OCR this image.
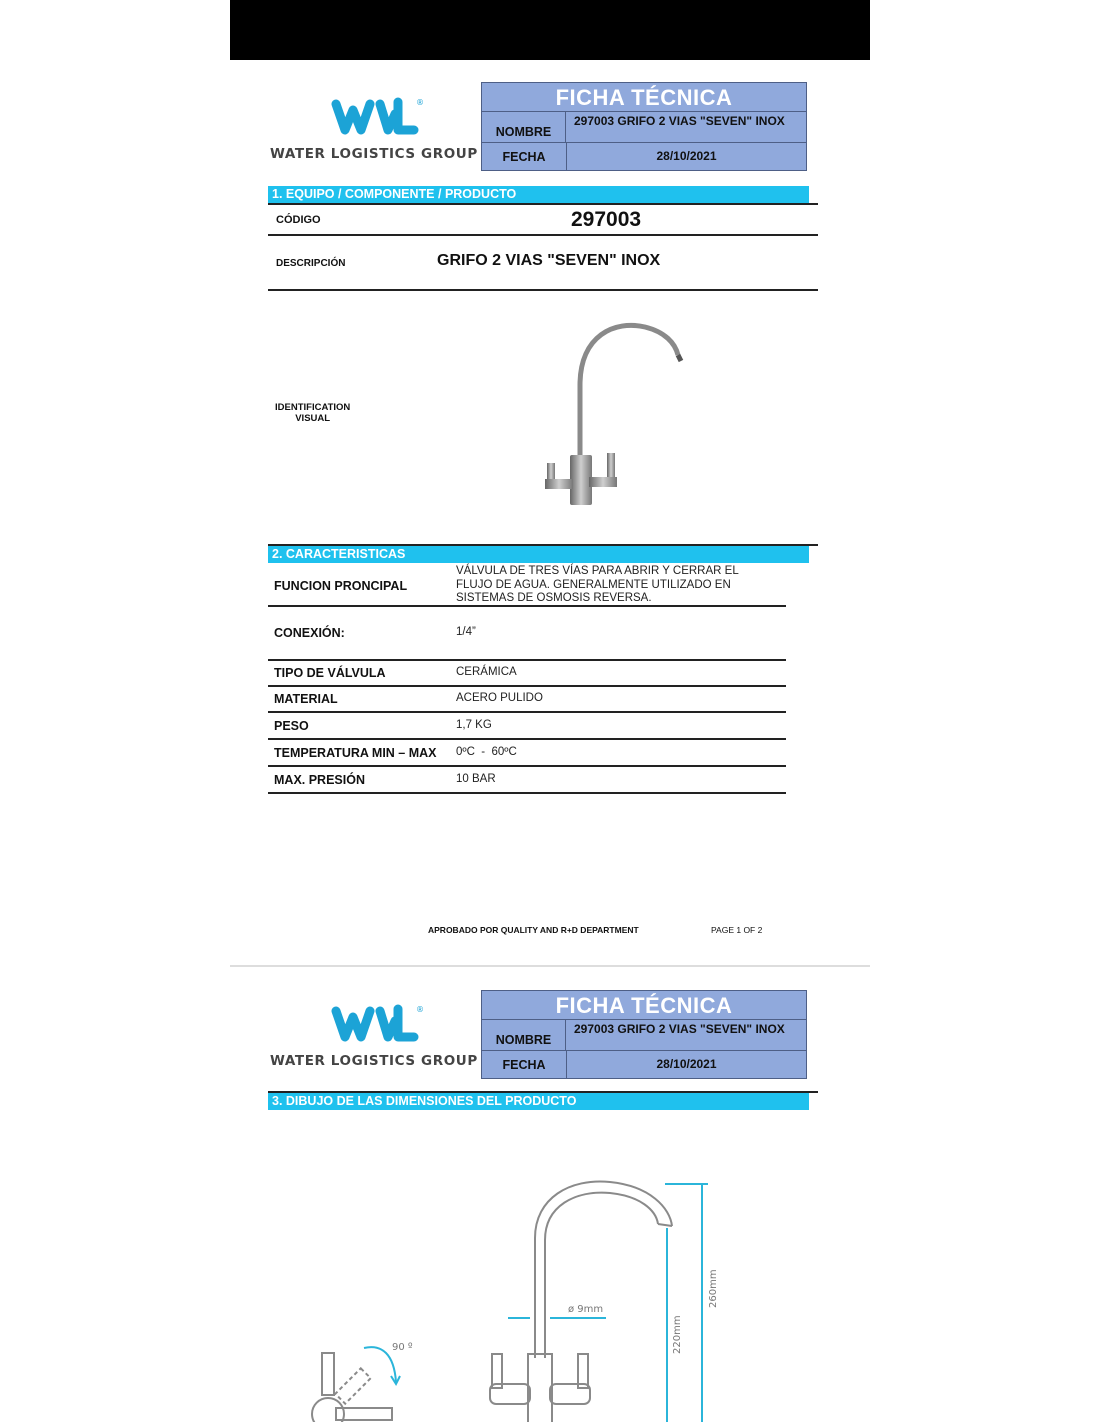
®
WATER LOGISTICS GROUP
FICHA TÉCNICA
NOMBRE
297003 GRIFO 2 VIAS "SEVEN" INOX
FECHA	28/10/2021
1. EQUIPO / COMPONENTE / PRODUCTO
CÓDIGO	297003
DESCRIPCIÓN	GRIFO 2 VIAS "SEVEN" INOX
IDENTIFICATION
VISUAL
2. CARACTERISTICAS
FUNCION PRONCIPAL
VÁLVULA DE TRES VÍAS PARA ABRIR Y CERRAR EL
FLUJO DE AGUA. GENERALMENTE UTILIZADO EN
SISTEMAS DE OSMOSIS REVERSA.
CONEXIÓN:	1/4”
TIPO DE VÁLVULA	CERÁMICA
MATERIAL	ACERO PULIDO
PESO	1,7 KG
TEMPERATURA MIN – MAX 0ºC  -  60ºC
MAX. PRESIÓN	10 BAR
APROBADO POR QUALITY AND R+D DEPARTMENT	PAGE 1 OF 2
®
WATER LOGISTICS GROUP
FICHA TÉCNICA
NOMBRE
297003 GRIFO 2 VIAS "SEVEN" INOX
FECHA	28/10/2021
3. DIBUJO DE LAS DIMENSIONES DEL PRODUCTO
ø 9mm
90 º	220mm
260mm
